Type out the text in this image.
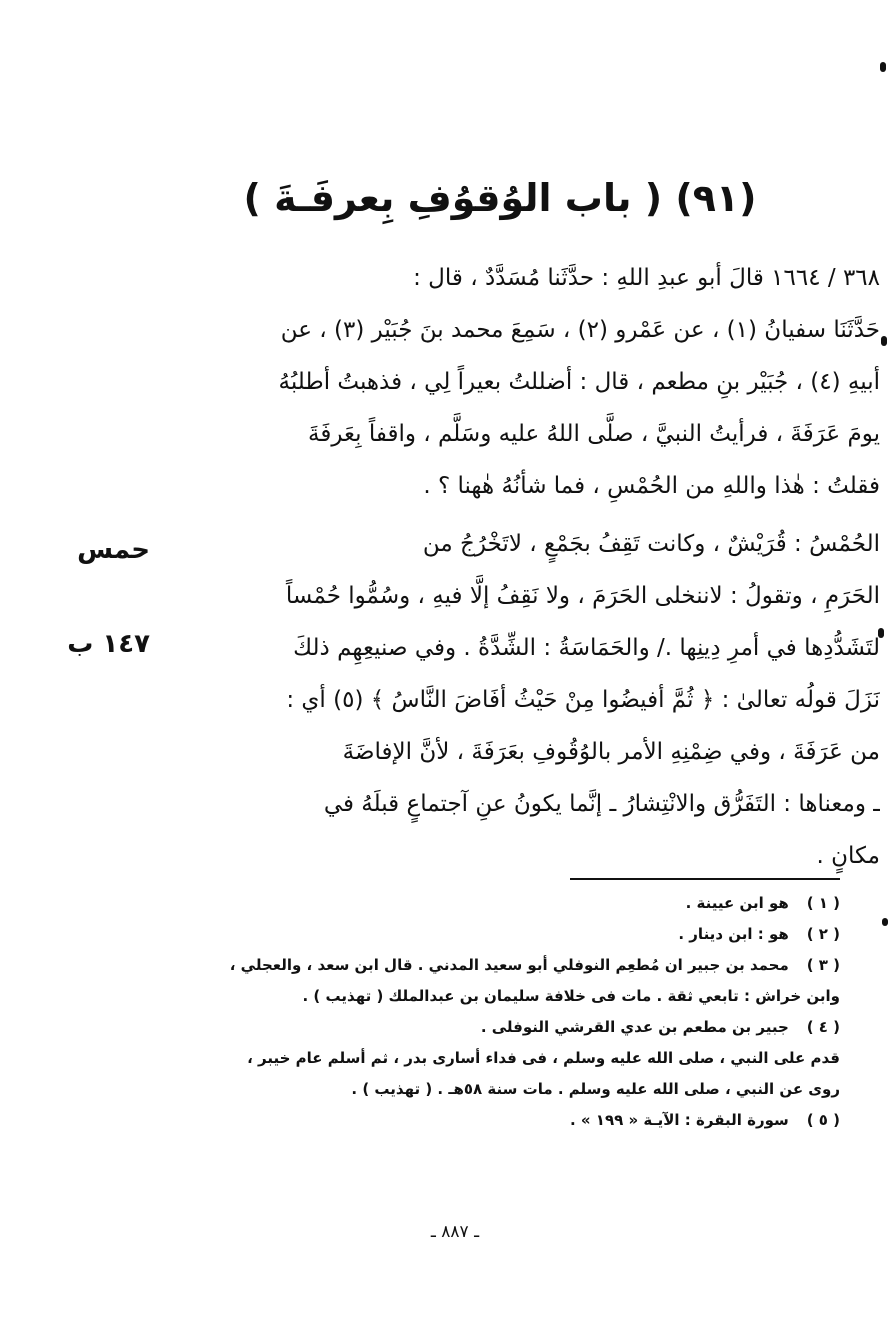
(٩١) ( باب الوُقوُفِ بِعرفَـةَ )
٣٦٨ / ١٦٦٤ قالَ أبو عبدِ اللهِ : حدَّثَنا مُسَدَّدٌ ، قال :
حَدَّثَنَا سفيانُ (١) ، عن عَمْرو (٢) ، سَمِعَ محمد بنَ جُبَيْر (٣) ، عن
أبيهِ (٤) ، جُبَيْر بنِ مطعم ، قال : أضللتُ بعيراً لِي ، فذهبتُ أطلبُهُ
يومَ عَرَفَةَ ، فرأيتُ النبيَّ ، صلَّى اللهُ عليه وسَلَّم ، واقفاً بِعَرفَةَ
فقلتُ : هٰذا واللهِ من الحُمْسِ ، فما شأنُهُ هٰهنا ؟ .
الحُمْسُ : قُرَيْشٌ ، وكانت تَقِفُ بجَمْعٍ ، لاتَخْرُجُ من
الحَرَمِ ، وتقولُ : لاننخلى الحَرَمَ ، ولا نَقِفُ إلَّا فيهِ ، وسُمُّوا حُمْساً
لتَشَدُّدِها في أمرِ دِينِها ./ والحَمَاسَةُ : الشِّدَّةُ . وفي صنيعِهِم ذلكَ
نَزَلَ قولُه تعالىٰ : ﴿ ثُمَّ أفيضُوا مِنْ حَيْثُ أفَاضَ النَّاسُ ﴾ (٥) أي :
من عَرَفَةَ ، وفي ضِمْنِهِ الأمر بالوُقُوفِ بعَرَفَةَ ، لأنَّ الإفاضَةَ
ـ ومعناها : التَفَرُّق والانْتِشارُ ـ إنَّما يكونُ عنِ آجتماعٍ قبلَهُ في
مكانٍ .
حمس
١٤٧ ب
( ١ ) هو ابن عيينة .
( ٢ ) هو : ابن دينار .
( ٣ ) محمد بن جبير ان مُطعِم النوفلي أبو سعيد المدني . قال ابن سعد ، والعجلي ،
وابن خراش : تابعي ثقة . مات فى خلافة سليمان بن عبدالملك ( تهذيب ) .
( ٤ ) جبير بن مطعم بن عدي القرشي النوفلى .
قدم على النبي ، صلى الله عليه وسلم ، فى فداء أسارى بدر ، ثم أسلم عام خيبر ،
روى عن النبي ، صلى الله عليه وسلم . مات سنة ٥٨هـ . ( تهذيب ) .
( ٥ ) سورة البقرة : الآيـة « ١٩٩ » .
ـ ٨٨٧ ـ
